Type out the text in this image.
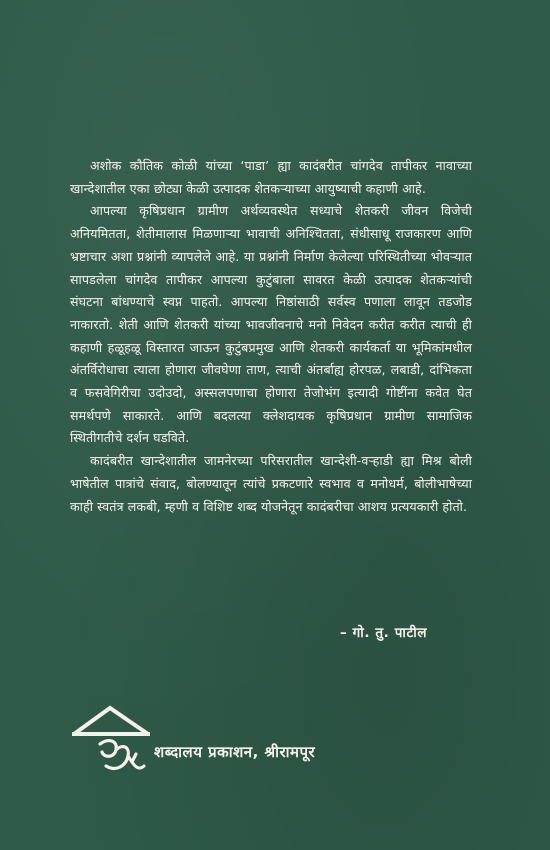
अशोक कौतिक कोळी यांच्या ‘पाडा’ ह्या कादंबरीत चांगदेव तापीकर नावाच्या खान्देशातील एका छोट्या केळी उत्पादक शेतकऱ्याच्या आयुष्याची कहाणी आहे.

आपल्या कृषिप्रधान ग्रामीण अर्थव्यवस्थेत सध्याचे शेतकरी जीवन विजेची अनियमितता, शेतीमालास मिळणाऱ्या भावाची अनिश्चितता, संधीसाधू राजकारण आणि भ्रष्टाचार अशा प्रश्नांनी व्यापलेले आहे. या प्रश्नांनी निर्माण केलेल्या परिस्थितीच्या भोवऱ्यात सापडलेला चांगदेव तापीकर आपल्या कुटुंबाला सावरत केळी उत्पादक शेतकऱ्यांची संघटना बांधण्याचे स्वप्न पाहतो. आपल्या निष्ठांसाठी सर्वस्व पणाला लावून तडजोड नाकारतो. शेती आणि शेतकरी यांच्या भावजीवनाचे मनो निवेदन करीत करीत त्याची ही कहाणी हळूहळू विस्तारत जाऊन कुटुंबप्रमुख आणि शेतकरी कार्यकर्ता या भूमिकांमधील अंतर्विरोधाचा त्याला होणारा जीवघेणा ताण, त्याची अंतर्बाह्य होरपळ, लबाडी, दांभिकता व फसवेगिरीचा उदोउदो, अस्सलपणाचा होणारा तेजोभंग इत्यादी गोष्टींना कवेत घेत समर्थपणे साकारते. आणि बदलत्या क्लेशदायक कृषिप्रधान ग्रामीण सामाजिक स्थितीगतीचे दर्शन घडविते.

कादंबरीत खान्देशातील जामनेरच्या परिसरातील खान्देशी-वऱ्हाडी ह्या मिश्र बोली भाषेतील पात्रांचे संवाद, बोलण्यातून त्यांचे प्रकटणारे स्वभाव व मनोधर्म, बोलीभाषेच्या काही स्वतंत्र लकबी, म्हणी व विशिष्ट शब्द योजनेतून कादंबरीचा आशय प्रत्ययकारी होतो.

– गो. तु. पाटील
शब्दालय प्रकाशन, श्रीरामपूर
